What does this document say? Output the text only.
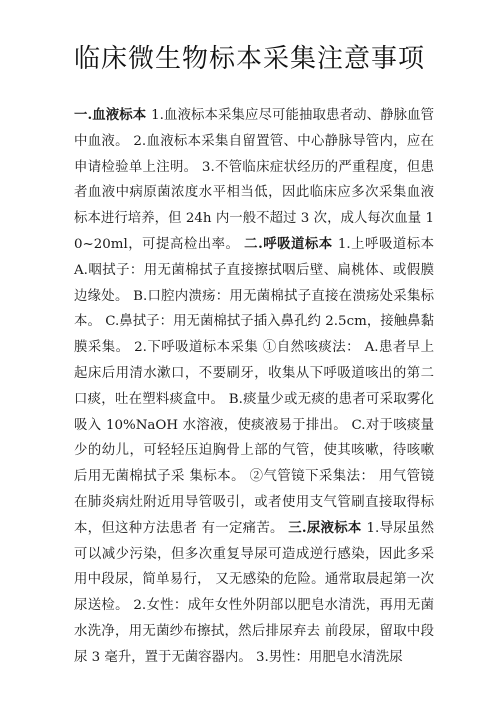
临床微生物标本采集注意事项

一.血液标本 1.血液标本采集应尽可能抽取患者动、静脉血管中血液。 2.血液标本采集自留置管、中心静脉导管内，应在申请检验单上注明。 3.不管临床症状经历的严重程度，但患者血液中病原菌浓度水平相当低，因此临床应多次采集血液标本进行培养，但 24h 内一般不超过 3 次，成人每次血量 10~20ml，可提高检出率。 二.呼吸道标本 1.上呼吸道标本 A.咽拭子：用无菌棉拭子直接擦拭咽后壁、扁桃体、或假膜边缘处。 B.口腔内溃疡：用无菌棉拭子直接在溃疡处采集标本。 C.鼻拭子：用无菌棉拭子插入鼻孔约 2.5cm，接触鼻黏膜采集。 2.下呼吸道标本采集 ①自然咳痰法： A.患者早上起床后用清水漱口，不要刷牙，收集从下呼吸道咳出的第二口痰，吐在塑料痰盒中。 B.痰量少或无痰的患者可采取雾化吸入 10%NaOH 水溶液，使痰液易于排出。 C.对于咳痰量少的幼儿，可轻轻压迫胸骨上部的气管，使其咳嗽，待咳嗽后用无菌棉拭子采 集标本。 ②气管镜下采集法： 用气管镜在肺炎病灶附近用导管吸引，或者使用支气管刷直接取得标本，但这种方法患者 有一定痛苦。 三.尿液标本 1.导尿虽然可以减少污染，但多次重复导尿可造成逆行感染，因此多采用中段尿，简单易行， 又无感染的危险。通常取晨起第一次尿送检。 2.女性：成年女性外阴部以肥皂水清洗，再用无菌水洗净，用无菌纱布擦拭，然后排尿弃去 前段尿，留取中段尿 3 毫升，置于无菌容器内。 3.男性：用肥皂水清洗尿
